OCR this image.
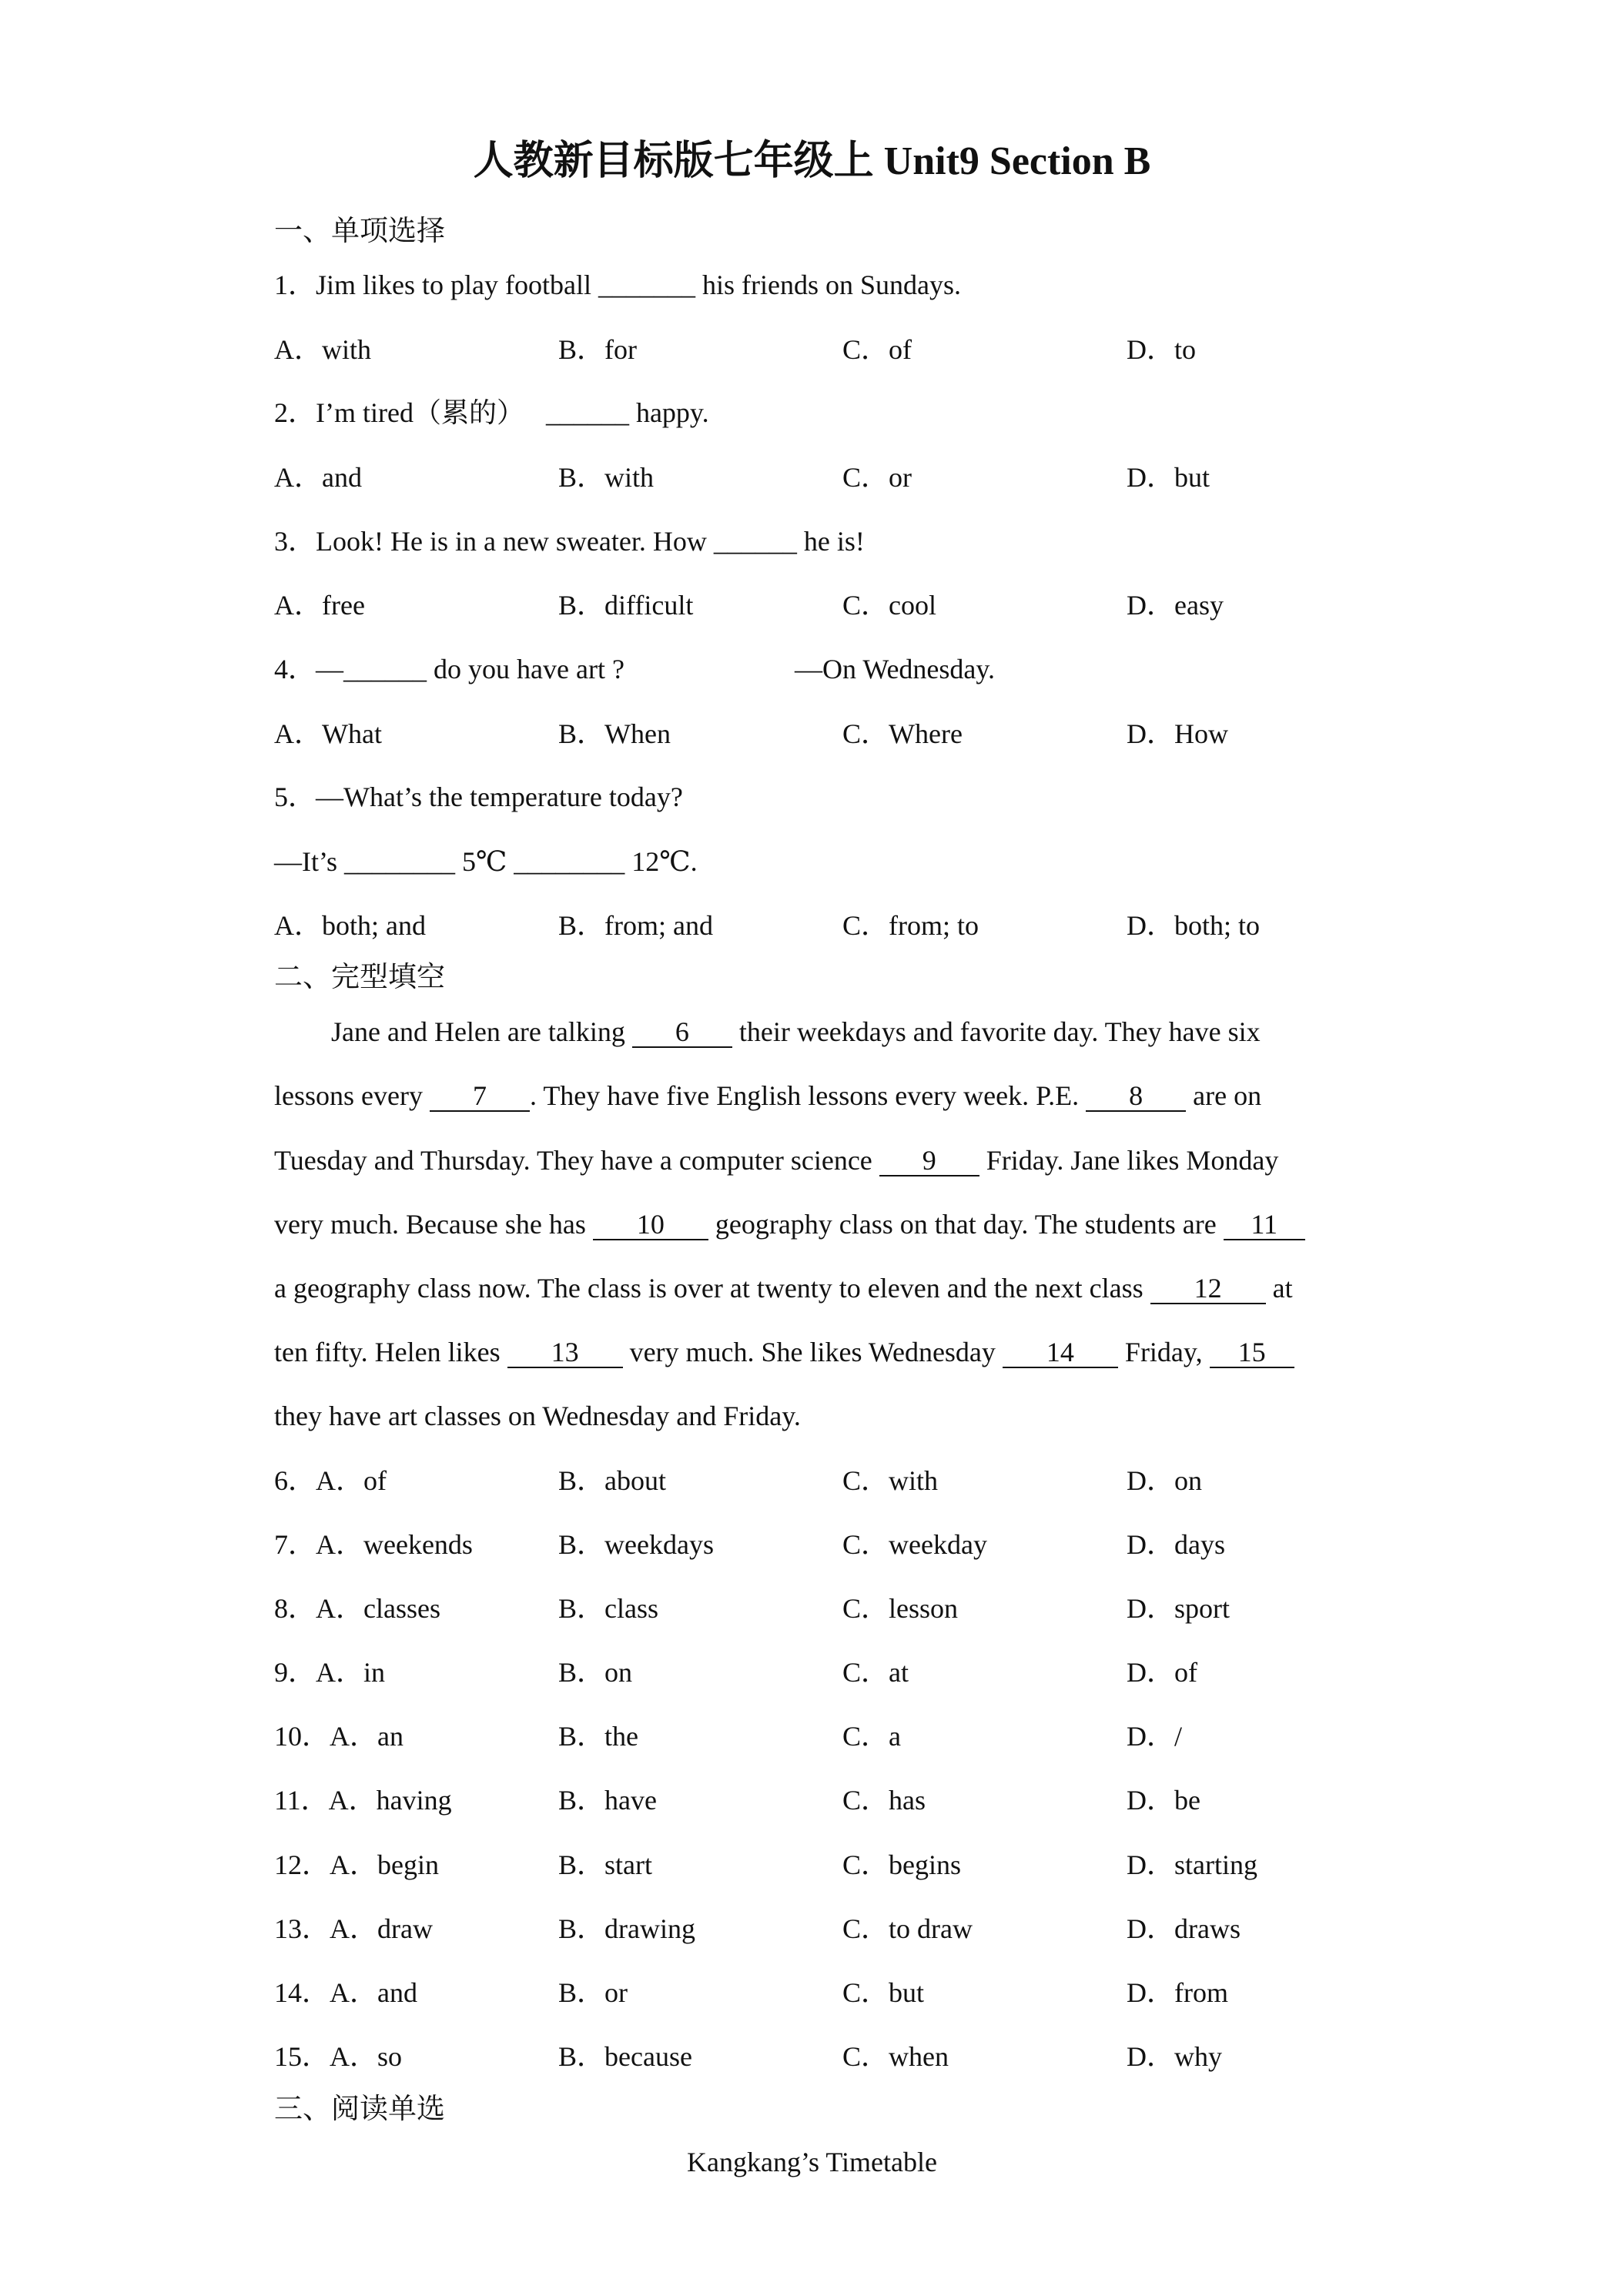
人教新目标版七年级上 Unit9 Section B
一、单项选择
1．Jim likes to play football _______ his friends on Sundays.
A．with	B．for	C．of	D．to
2．I’m tired（累的） ______ happy.
A．and	B．with	C．or	D．but
3．Look! He is in a new sweater. How ______ he is!
A．free	B．difficult	C．cool	D．easy
4．—______ do you have art ?	—On Wednesday.
A．What	B．When	C．Where	D．How
5．—What’s the temperature today?
—It’s ________ 5℃ ________ 12℃.
A．both; and	B．from; and	C．from; to	D．both; to
二、完型填空
Jane and Helen are talking 6 their weekdays and favorite day. They have six
lessons every 7 . They have five English lessons every week. P.E. 8 are on
Tuesday and Thursday. They have a computer science 9 Friday. Jane likes Monday
very much. Because she has 10 geography class on that day. The students are 11
a geography class now. The class is over at twenty to eleven and the next class 12 at
ten fifty. Helen likes 13 very much. She likes Wednesday 14 Friday, 15
they have art classes on Wednesday and Friday.
6．A．of	B．about	C．with	D．on
7．A．weekends	B．weekdays	C．weekday	D．days
8．A．classes	B．class	C．lesson	D．sport
9．A．in	B．on	C．at	D．of
10．A．an	B．the	C．a	D．/
11．A．having	B．have	C．has	D．be
12．A．begin	B．start	C．begins	D．starting
13．A．draw	B．drawing	C．to draw	D．draws
14．A．and	B．or	C．but	D．from
15．A．so	B．because	C．when	D．why
三、阅读单选
Kangkang’s Timetable
